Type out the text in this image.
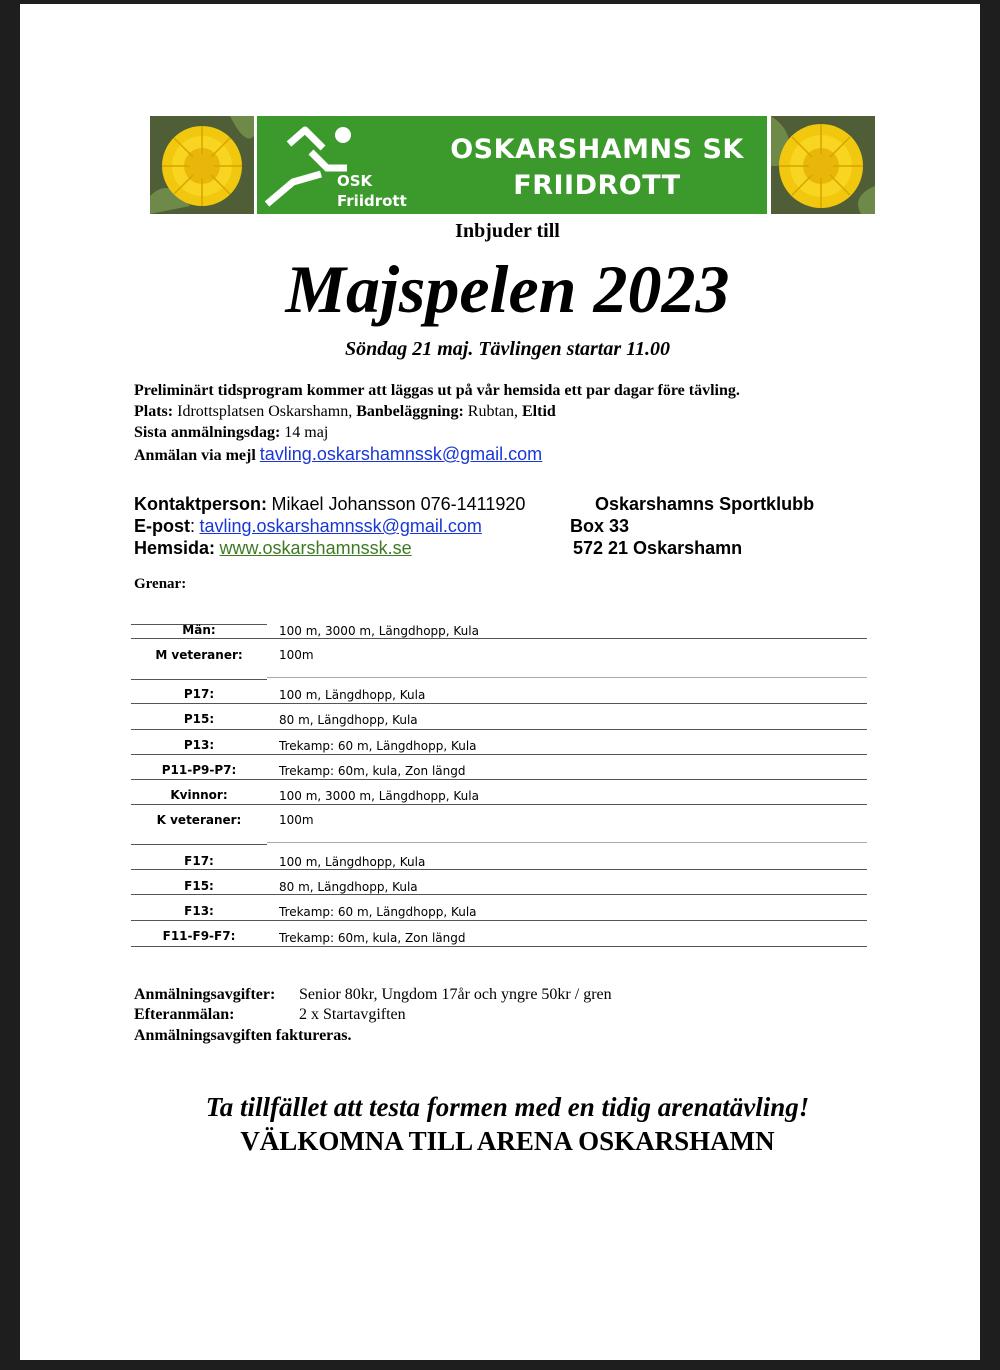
OSK
Friidrott
OSKARSHAMNS SK
FRIIDROTT
Inbjuder till
Majspelen 2023
Söndag 21 maj. Tävlingen startar 11.00
Preliminärt tidsprogram kommer att läggas ut på vår hemsida ett par dagar före tävling.
Plats: Idrottsplatsen Oskarshamn, Banbeläggning: Rubtan, Eltid
Sista anmälningsdag: 14 maj
Anmälan via mejl tavling.oskarshamnssk@gmail.com
Kontaktperson: Mikael Johansson 076-1411920
E-post: tavling.oskarshamnssk@gmail.com
Hemsida: www.oskarshamnssk.se
Oskarshamns Sportklubb
Box 33
572 21 Oskarshamn
Grenar:
Män:	100 m, 3000 m, Längdhopp, Kula
M veteraner:	100m
P17:	100 m, Längdhopp, Kula
P15:	80 m, Längdhopp, Kula
P13:	Trekamp: 60 m, Längdhopp, Kula
P11-P9-P7:	Trekamp: 60m, kula, Zon längd
Kvinnor:	100 m, 3000 m, Längdhopp, Kula
K veteraner:	100m
F17:	100 m, Längdhopp, Kula
F15:	80 m, Längdhopp, Kula
F13:	Trekamp: 60 m, Längdhopp, Kula
F11-F9-F7:	Trekamp: 60m, kula, Zon längd
Anmälningsavgifter: Senior 80kr, Ungdom 17år och yngre 50kr / gren
Efteranmälan:	2 x Startavgiften
Anmälningsavgiften faktureras.
Ta tillfället att testa formen med en tidig arenatävling!
VÄLKOMNA TILL ARENA OSKARSHAMN
